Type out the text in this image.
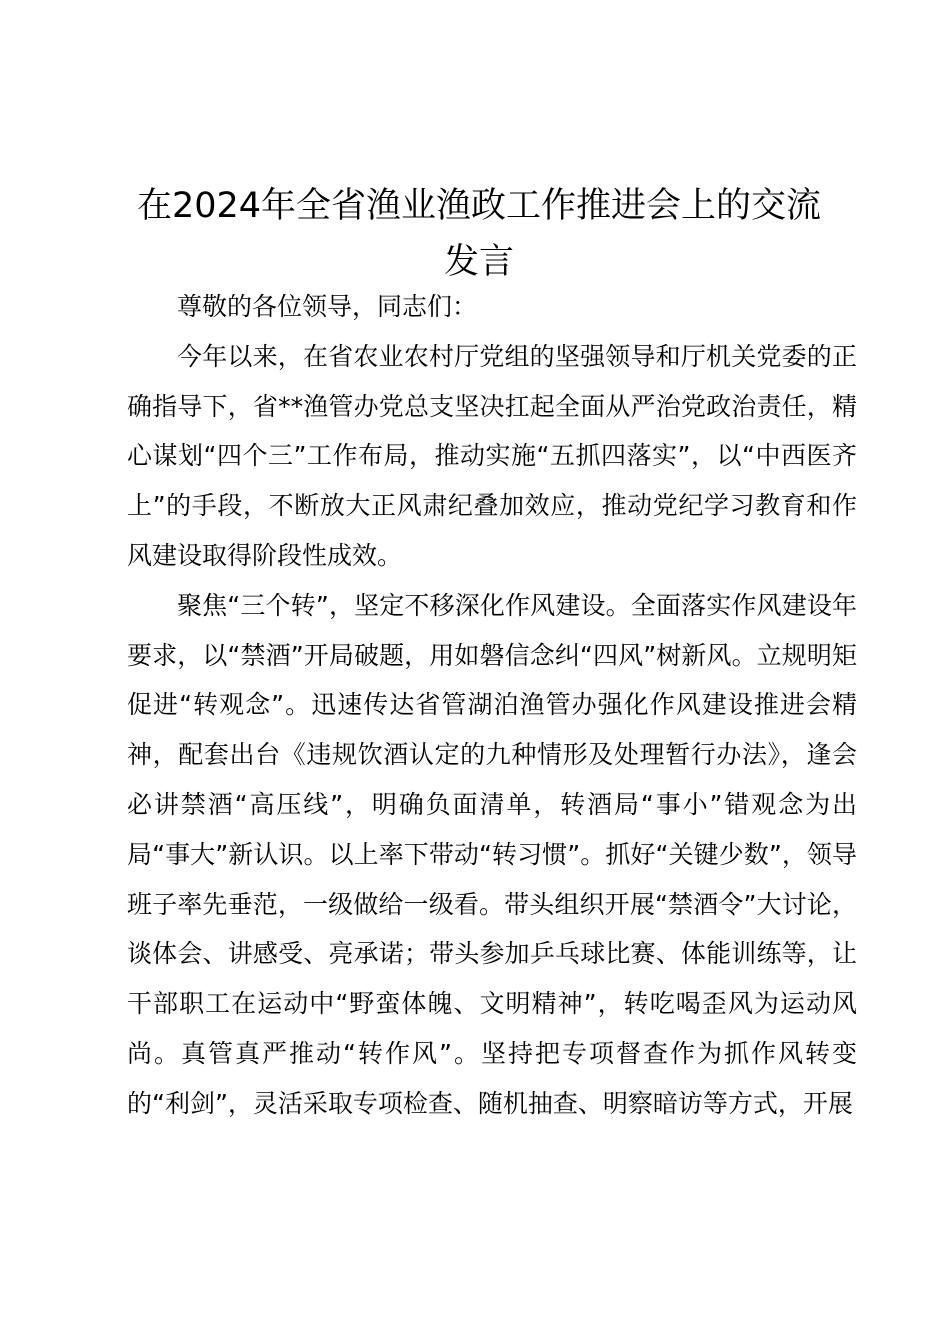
在2024年全省渔业渔政工作推进会上的交流发言

尊敬的各位领导，同志们：

今年以来，在省农业农村厅党组的坚强领导和厅机关党委的正确指导下，省**渔管办党总支坚决扛起全面从严治党政治责任，精心谋划“四个三”工作布局，推动实施“五抓四落实”，以“中西医齐上”的手段，不断放大正风肃纪叠加效应，推动党纪学习教育和作风建设取得阶段性成效。

聚焦“三个转”，坚定不移深化作风建设。全面落实作风建设年要求，以“禁酒”开局破题，用如磐信念纠“四风”树新风。立规明矩促进“转观念”。迅速传达省管湖泊渔管办强化作风建设推进会精神，配套出台《违规饮酒认定的九种情形及处理暂行办法》，逢会必讲禁酒“高压线”，明确负面清单，转酒局“事小”错观念为出局“事大”新认识。以上率下带动“转习惯”。抓好“关键少数”，领导班子率先垂范，一级做给一级看。带头组织开展“禁酒令”大讨论，谈体会、讲感受、亮承诺；带头参加乒乓球比赛、体能训练等，让干部职工在运动中“野蛮体魄、文明精神”，转吃喝歪风为运动风尚。真管真严推动“转作风”。坚持把专项督查作为抓作风转变的“利剑”，灵活采取专项检查、随机抽查、明察暗访等方式，开展
